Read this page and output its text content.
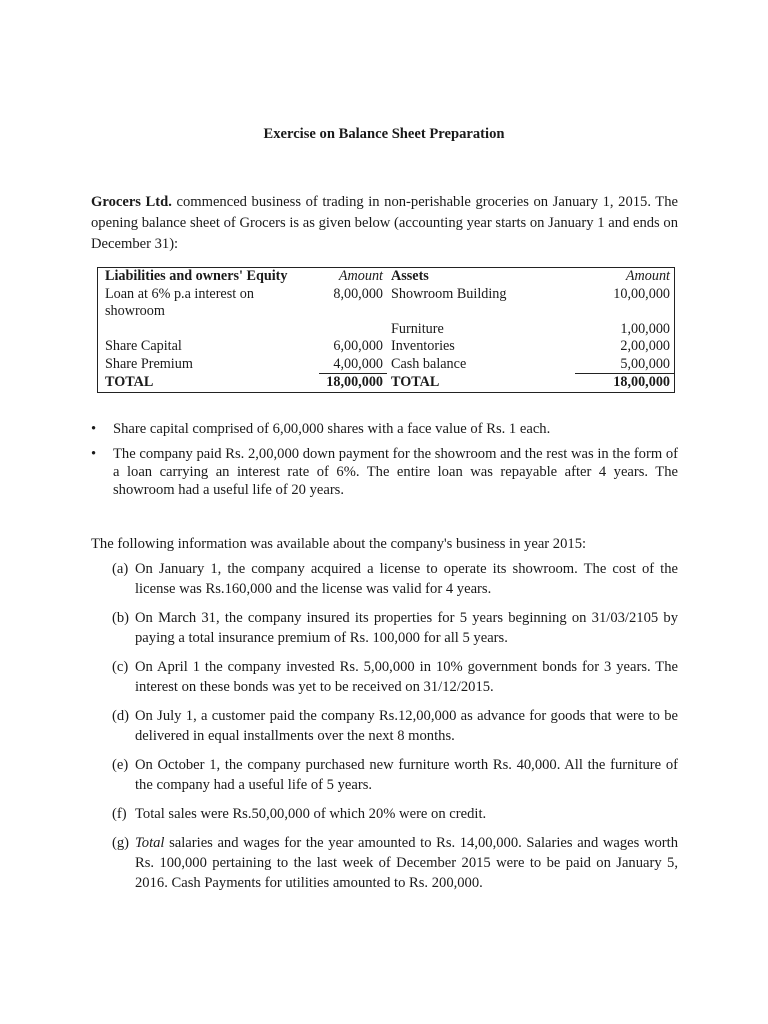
Exercise on Balance Sheet Preparation
Grocers Ltd. commenced business of trading in non-perishable groceries on January 1, 2015. The opening balance sheet of Grocers is as given below (accounting year starts on January 1 and ends on December 31):
Liabilities and owners' Equity	Amount	Assets	Amount
Loan at 6% p.a interest on showroom	8,00,000	Showroom Building	10,00,000
		Furniture	1,00,000
Share Capital	6,00,000	Inventories	2,00,000
Share Premium	4,00,000	Cash balance	5,00,000
TOTAL	18,00,000	TOTAL	18,00,000
• Share capital comprised of 6,00,000 shares with a face value of Rs. 1 each.
• The company paid Rs. 2,00,000 down payment for the showroom and the rest was in the form of a loan carrying an interest rate of 6%. The entire loan was repayable after 4 years. The showroom had a useful life of 20 years.
The following information was available about the company's business in year 2015:
(a) On January 1, the company acquired a license to operate its showroom. The cost of the license was Rs.160,000 and the license was valid for 4 years.
(b) On March 31, the company insured its properties for 5 years beginning on 31/03/2105 by paying a total insurance premium of Rs. 100,000 for all 5 years.
(c) On April 1 the company invested Rs. 5,00,000 in 10% government bonds for 3 years. The interest on these bonds was yet to be received on 31/12/2015.
(d) On July 1, a customer paid the company Rs.12,00,000 as advance for goods that were to be delivered in equal installments over the next 8 months.
(e) On October 1, the company purchased new furniture worth Rs. 40,000. All the furniture of the company had a useful life of 5 years.
(f) Total sales were Rs.50,00,000 of which 20% were on credit.
(g) Total salaries and wages for the year amounted to Rs. 14,00,000. Salaries and wages worth Rs. 100,000 pertaining to the last week of December 2015 were to be paid on January 5, 2016. Cash Payments for utilities amounted to Rs. 200,000.
